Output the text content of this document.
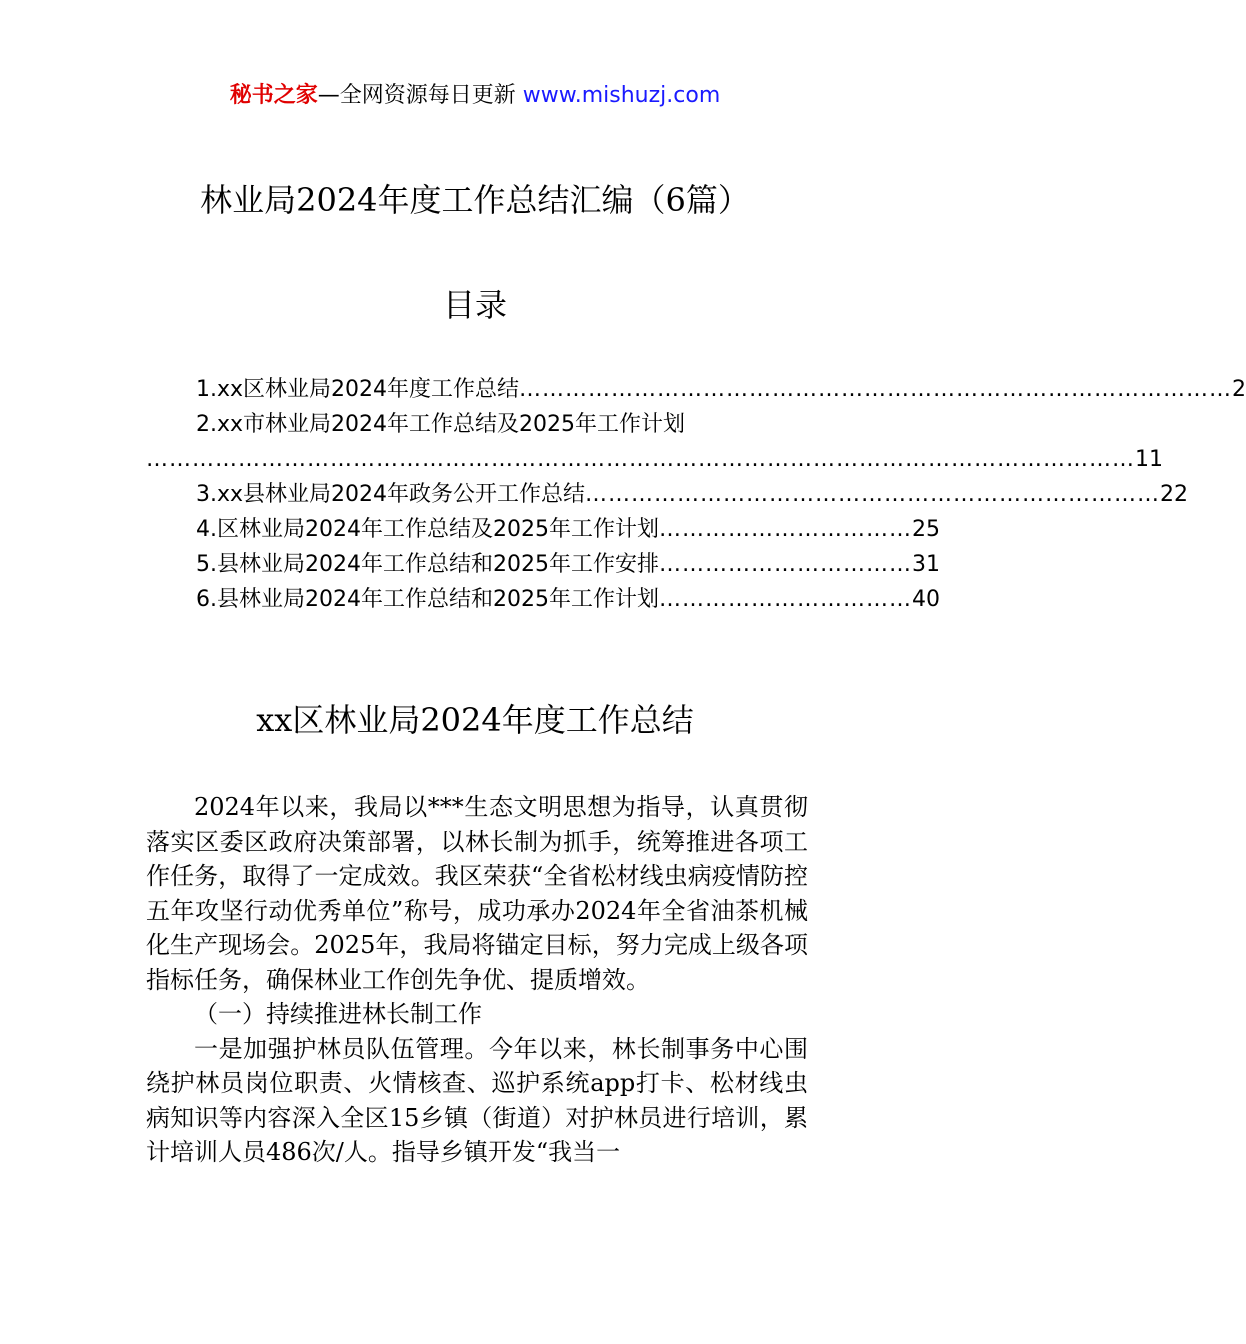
秘书之家—全网资源每日更新 www.mishuzj.com
林业局2024年度工作总结汇编（6篇）
目录
1.xx区林业局2024年度工作总结 ………………………………………………………………………………… 2
2.xx市林业局2024年工作总结及2025年工作计划
………………………………………………………………………………………………………………… 11
3.xx县林业局2024年政务公开工作总结 ………………………………………………………………… 22
4.区林业局2024年工作总结及2025年工作计划 …………………………… 25
5.县林业局2024年工作总结和2025年工作安排 …………………………… 31
6.县林业局2024年工作总结和2025年工作计划 …………………………… 40
xx区林业局2024年度工作总结

2024年以来，我局以***生态文明思想为指导，认真贯彻落实区委区政府决策部署，以林长制为抓手，统筹推进各项工作任务，取得了一定成效。我区荣获“全省松材线虫病疫情防控五年攻坚行动优秀单位”称号，成功承办2024年全省油茶机械化生产现场会。2025年，我局将锚定目标，努力完成上级各项指标任务，确保林业工作创先争优、提质增效。

（一）持续推进林长制工作

一是加强护林员队伍管理。今年以来，林长制事务中心围绕护林员岗位职责、火情核查、巡护系统app打卡、松材线虫病知识等内容深入全区15乡镇（街道）对护林员进行培训，累计培训人员486次/人。指导乡镇开发“我当一
